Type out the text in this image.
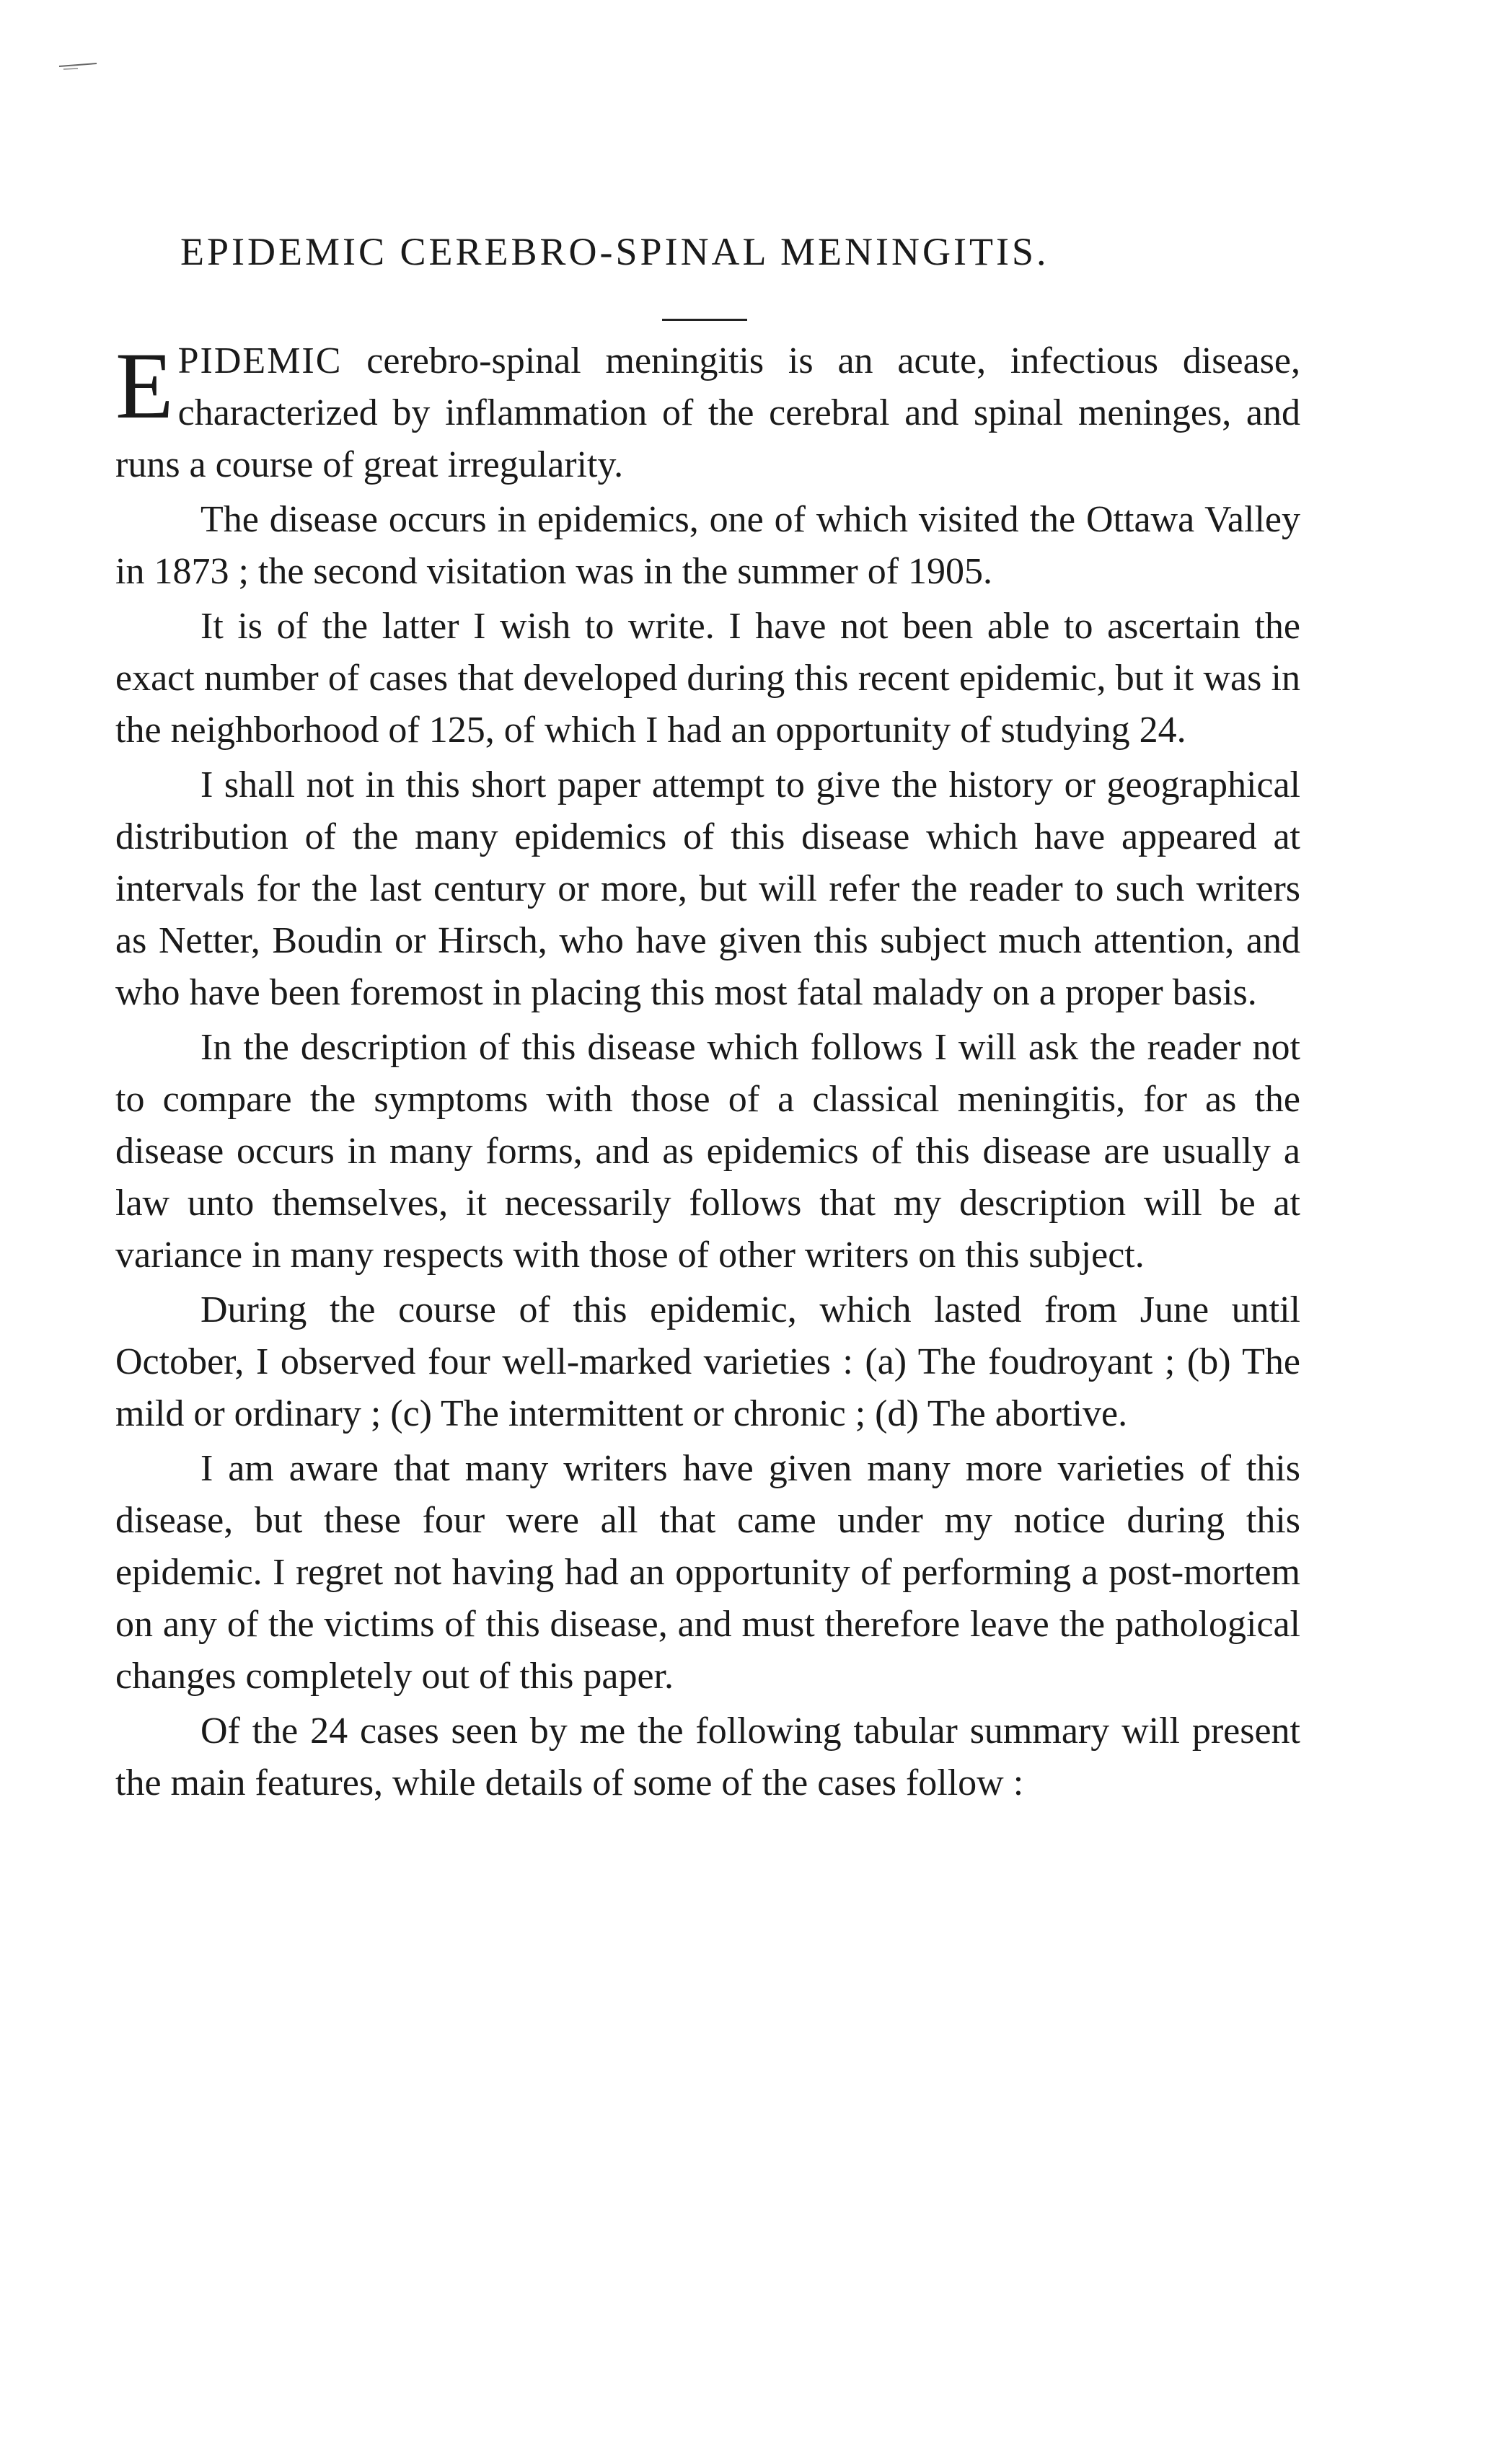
EPIDEMIC CEREBRO-SPINAL MENINGITIS.

EPIDEMIC cerebro-spinal meningitis is an acute, infectious disease, characterized by inflammation of the cerebral and spinal meninges, and runs a course of great irregularity.

The disease occurs in epidemics, one of which visited the Ottawa Valley in 1873 ; the second visitation was in the summer of 1905.

It is of the latter I wish to write. I have not been able to ascertain the exact number of cases that developed during this recent epidemic, but it was in the neighborhood of 125, of which I had an opportunity of studying 24.

I shall not in this short paper attempt to give the history or geographical distribution of the many epidemics of this disease which have appeared at intervals for the last century or more, but will refer the reader to such writers as Netter, Boudin or Hirsch, who have given this subject much attention, and who have been foremost in placing this most fatal malady on a proper basis.

In the description of this disease which follows I will ask the reader not to compare the symptoms with those of a classical meningitis, for as the disease occurs in many forms, and as epidemics of this disease are usually a law unto themselves, it necessarily follows that my description will be at variance in many respects with those of other writers on this subject.

During the course of this epidemic, which lasted from June until October, I observed four well-marked varieties : (a) The foudroyant ; (b) The mild or ordinary ; (c) The intermittent or chronic ; (d) The abortive.

I am aware that many writers have given many more varieties of this disease, but these four were all that came under my notice during this epidemic. I regret not having had an opportunity of performing a post-mortem on any of the victims of this disease, and must therefore leave the pathological changes completely out of this paper.

Of the 24 cases seen by me the following tabular summary will present the main features, while details of some of the cases follow :
